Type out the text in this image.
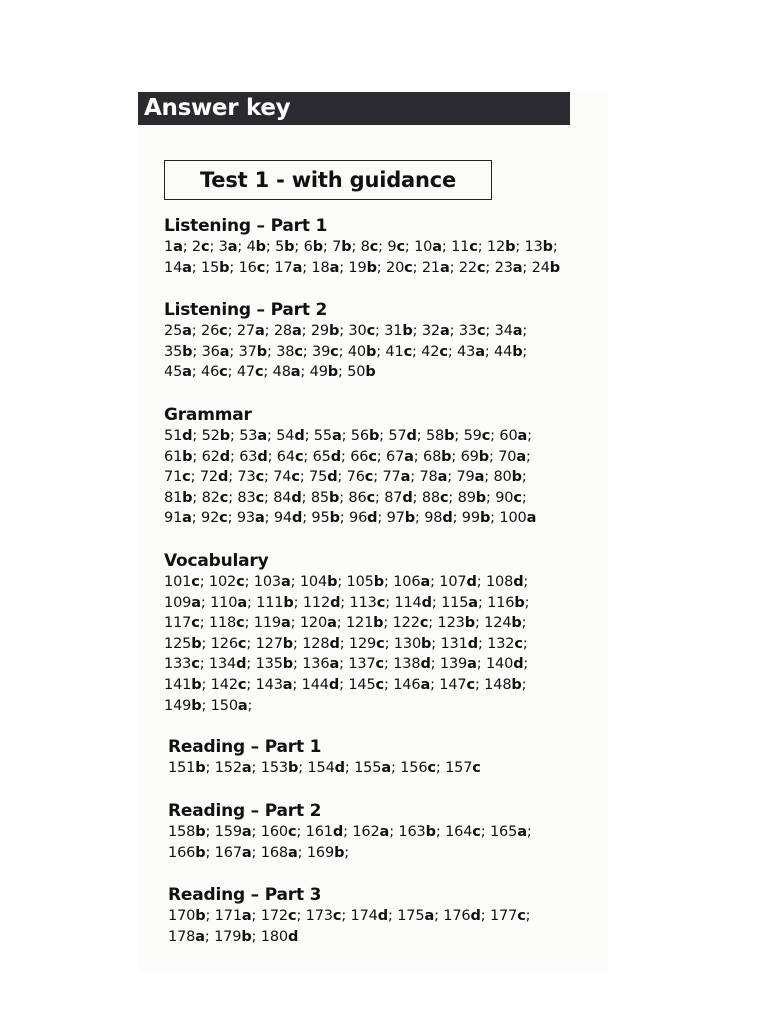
Answer key
Test 1 - with guidance
Listening – Part 1
1a; 2c; 3a; 4b; 5b; 6b; 7b; 8c; 9c; 10a; 11c; 12b; 13b;
14a; 15b; 16c; 17a; 18a; 19b; 20c; 21a; 22c; 23a; 24b
Listening – Part 2
25a; 26c; 27a; 28a; 29b; 30c; 31b; 32a; 33c; 34a;
35b; 36a; 37b; 38c; 39c; 40b; 41c; 42c; 43a; 44b;
45a; 46c; 47c; 48a; 49b; 50b
Grammar
51d; 52b; 53a; 54d; 55a; 56b; 57d; 58b; 59c; 60a;
61b; 62d; 63d; 64c; 65d; 66c; 67a; 68b; 69b; 70a;
71c; 72d; 73c; 74c; 75d; 76c; 77a; 78a; 79a; 80b;
81b; 82c; 83c; 84d; 85b; 86c; 87d; 88c; 89b; 90c;
91a; 92c; 93a; 94d; 95b; 96d; 97b; 98d; 99b; 100a
Vocabulary
101c; 102c; 103a; 104b; 105b; 106a; 107d; 108d;
109a; 110a; 111b; 112d; 113c; 114d; 115a; 116b;
117c; 118c; 119a; 120a; 121b; 122c; 123b; 124b;
125b; 126c; 127b; 128d; 129c; 130b; 131d; 132c;
133c; 134d; 135b; 136a; 137c; 138d; 139a; 140d;
141b; 142c; 143a; 144d; 145c; 146a; 147c; 148b;
149b; 150a;
Reading – Part 1
151b; 152a; 153b; 154d; 155a; 156c; 157c
Reading – Part 2
158b; 159a; 160c; 161d; 162a; 163b; 164c; 165a;
166b; 167a; 168a; 169b;
Reading – Part 3
170b; 171a; 172c; 173c; 174d; 175a; 176d; 177c;
178a; 179b; 180d
